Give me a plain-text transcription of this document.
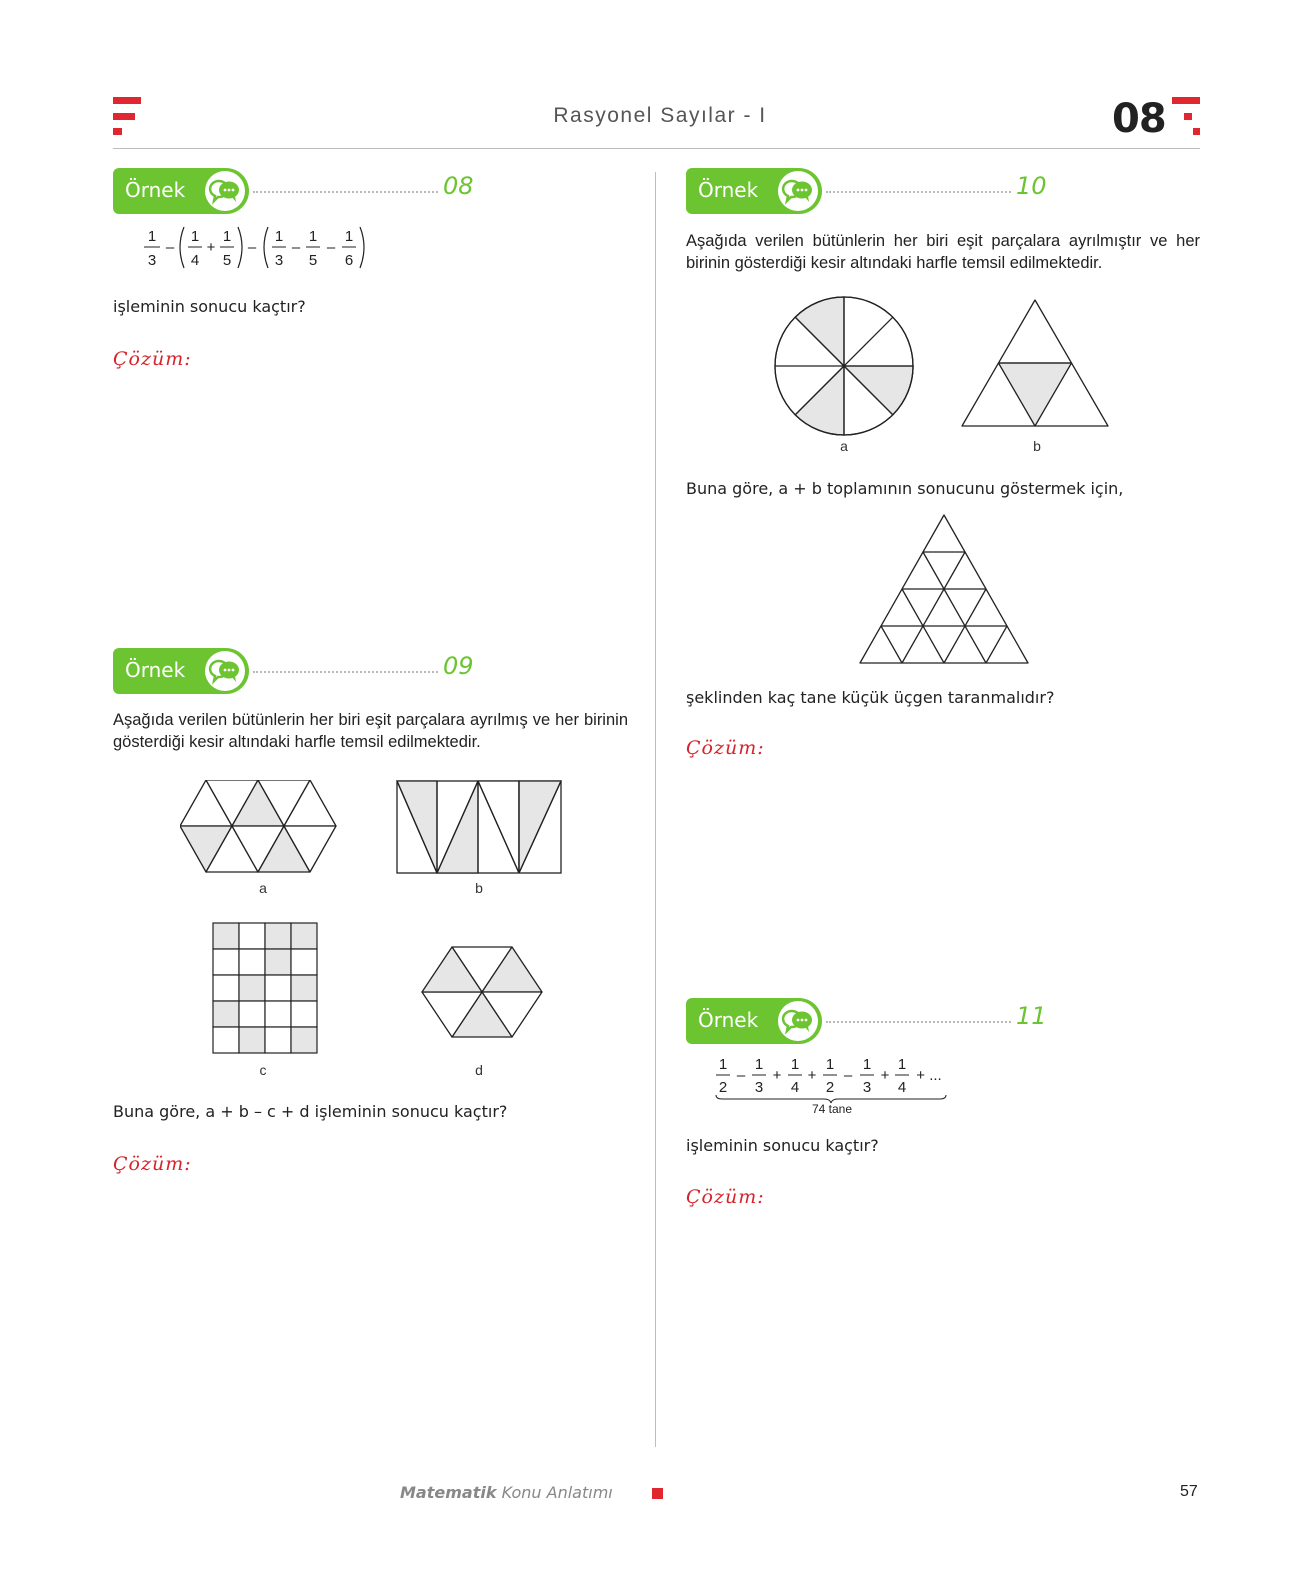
Rasyonel Sayılar - I	08
Örnek	08
1
3
–
1
4
+
1
5
–
1
3
–
1
5
–
1
6
işleminin sonucu kaçtır?
Çözüm:
Örnek	09
Aşağıda verilen bütünlerin her biri eşit parçalara ayrılmış ve her birinin gösterdiği kesir altındaki harfle temsil edilmektedir.
a	b
c	d
Buna göre, a + b – c + d işleminin sonucu kaçtır?
Çözüm:
Örnek	10
Aşağıda verilen bütünlerin her biri eşit parçalara ayrılmıştır ve her birinin gösterdiği kesir altındaki harfle temsil edilmektedir.
a	b
Buna göre, a + b toplamının sonucunu göstermek için,
şeklinden kaç tane küçük üçgen taranmalıdır?
Çözüm:
Örnek	11
1
2
–
1
3
+
1
4
+
1
2
–
1
3
+
1
4
+ ...
74 tane
işleminin sonucu kaçtır?
Çözüm:
Matematik Konu Anlatımı	57
